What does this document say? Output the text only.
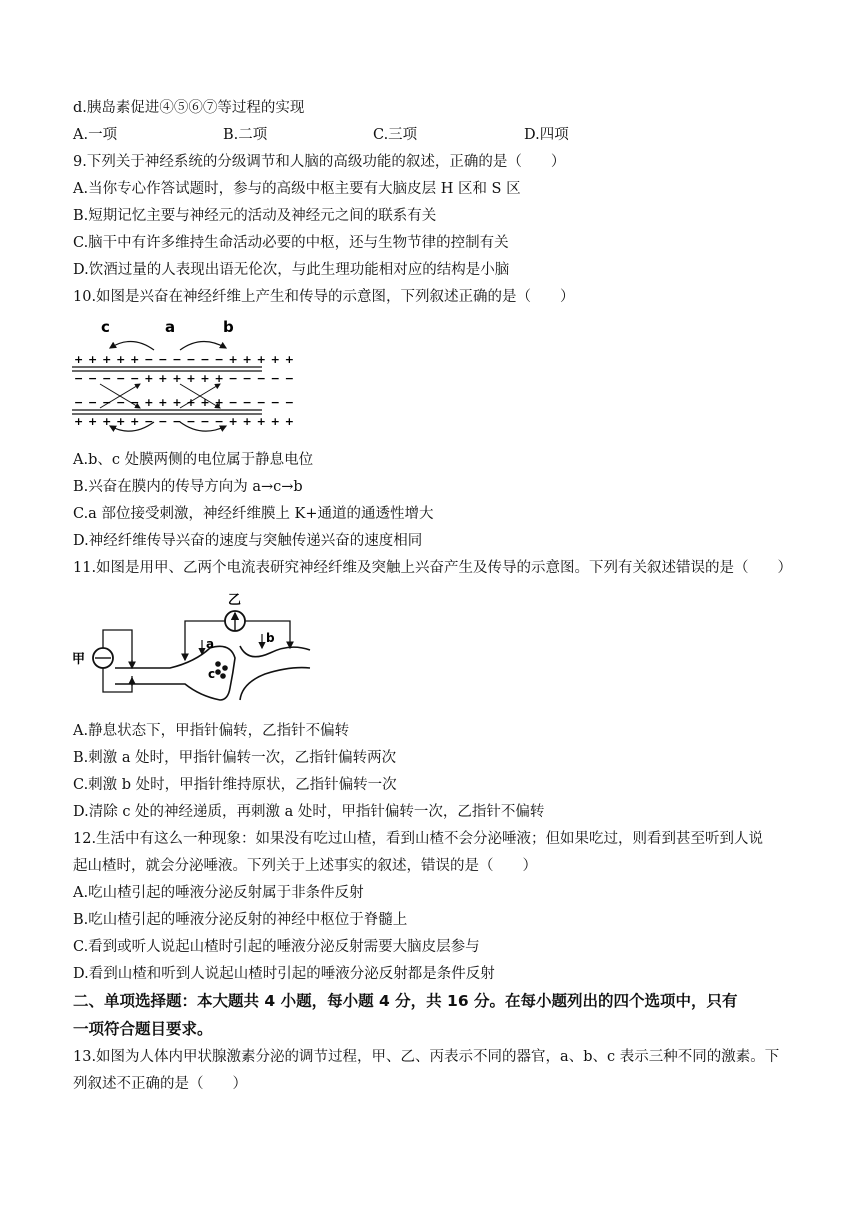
d.胰岛素促进④⑤⑥⑦等过程的实现
A.一项	B.二项	C.三项	D.四项
9.下列关于神经系统的分级调节和人脑的高级功能的叙述，正确的是（　　）
A.当你专心作答试题时，参与的高级中枢主要有大脑皮层 H 区和 S 区
B.短期记忆主要与神经元的活动及神经元之间的联系有关
C.脑干中有许多维持生命活动必要的中枢，还与生物节律的控制有关
D.饮酒过量的人表现出语无伦次，与此生理功能相对应的结构是小脑
10.如图是兴奋在神经纤维上产生和传导的示意图，下列叙述正确的是（　　）
c	a	b
+ + + + + − − − − − − + + + + +
− − − − − + + + + + + − − − − −
− − − − − + + + + + + − − − − −
+ + + + + − − − − − − + + + + +
A.b、c 处膜两侧的电位属于静息电位
B.兴奋在膜内的传导方向为 a→c→b
C.a 部位接受刺激，神经纤维膜上 K+通道的通透性增大
D.神经纤维传导兴奋的速度与突触传递兴奋的速度相同
11.如图是用甲、乙两个电流表研究神经纤维及突触上兴奋产生及传导的示意图。下列有关叙述错误的是（　　）
甲
c
乙
a	b
A.静息状态下，甲指针偏转，乙指针不偏转
B.刺激 a 处时，甲指针偏转一次，乙指针偏转两次
C.刺激 b 处时，甲指针维持原状，乙指针偏转一次
D.清除 c 处的神经递质，再刺激 a 处时，甲指针偏转一次，乙指针不偏转
12.生活中有这么一种现象：如果没有吃过山楂，看到山楂不会分泌唾液；但如果吃过，则看到甚至听到人说
起山楂时，就会分泌唾液。下列关于上述事实的叙述，错误的是（　　）
A.吃山楂引起的唾液分泌反射属于非条件反射
B.吃山楂引起的唾液分泌反射的神经中枢位于脊髓上
C.看到或听人说起山楂时引起的唾液分泌反射需要大脑皮层参与
D.看到山楂和听到人说起山楂时引起的唾液分泌反射都是条件反射
二、单项选择题：本大题共 4 小题，每小题 4 分，共 16 分。在每小题列出的四个选项中，只有
一项符合题目要求。
13.如图为人体内甲状腺激素分泌的调节过程，甲、乙、丙表示不同的器官，a、b、c 表示三种不同的激素。下
列叙述不正确的是（　　）
